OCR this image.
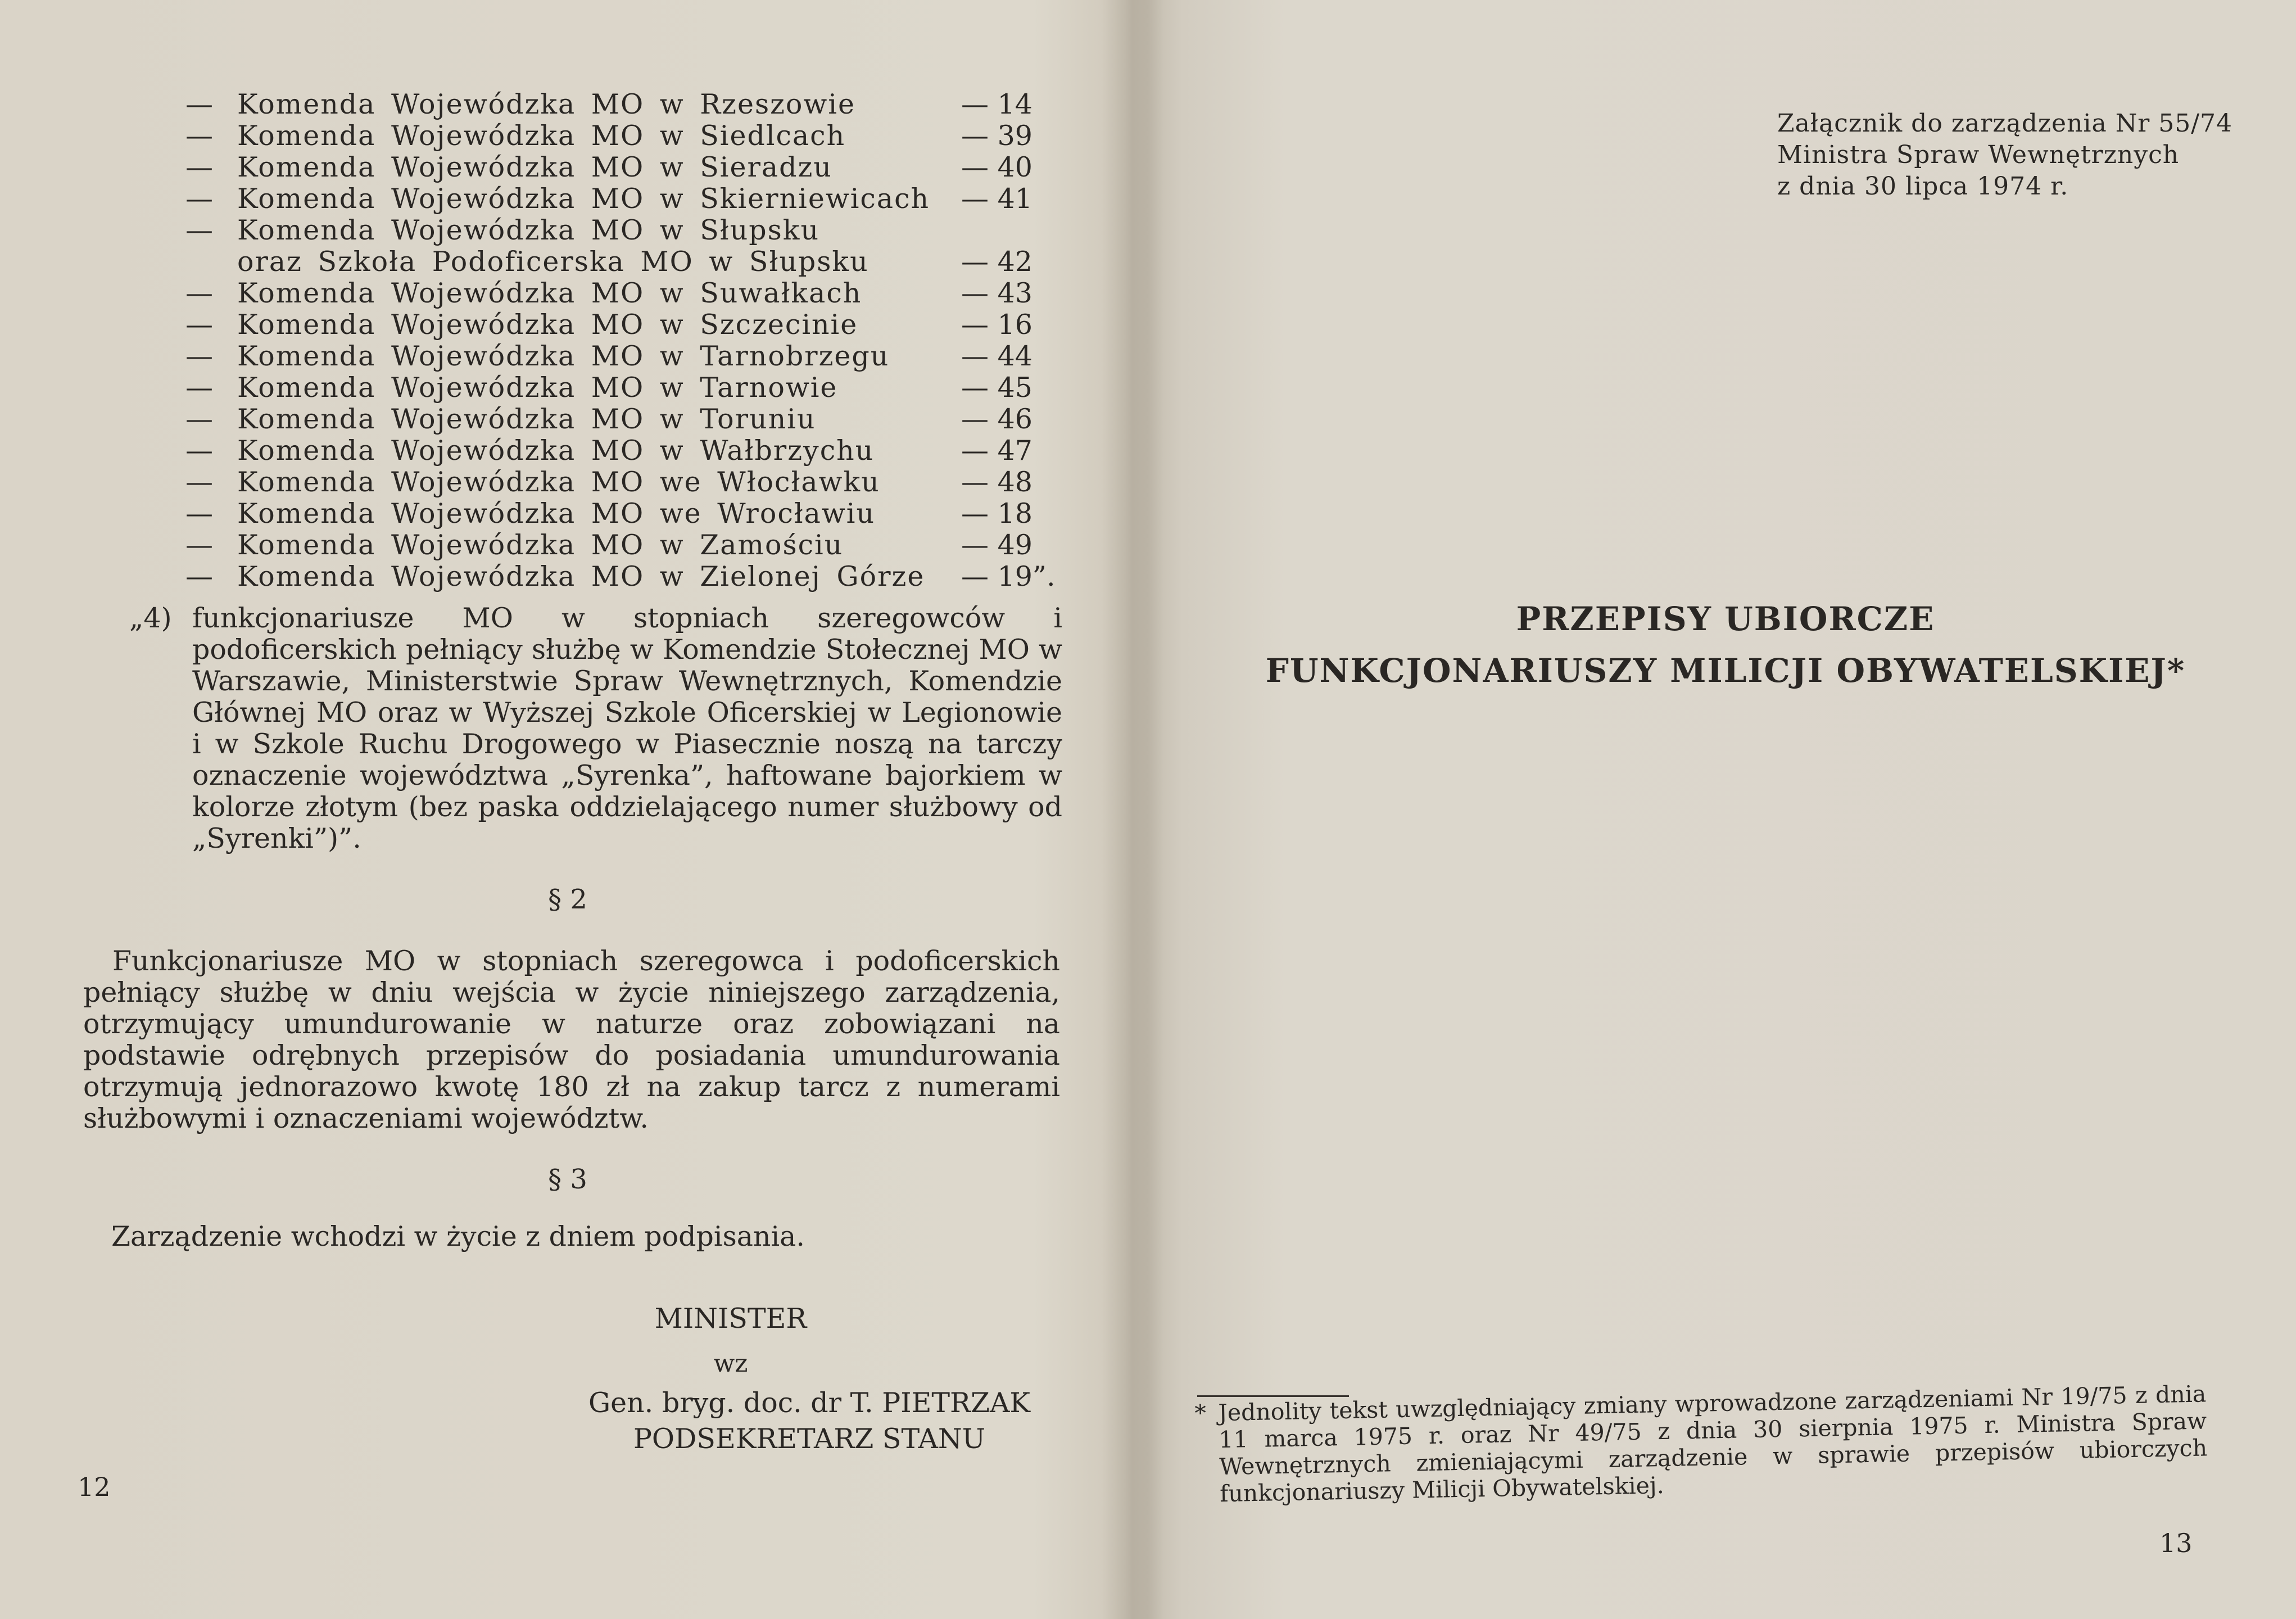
— Komenda Wojewódzka MO w Rzeszowie	— 14
— Komenda Wojewódzka MO w Siedlcach	— 39
— Komenda Wojewódzka MO w Sieradzu	— 40
— Komenda Wojewódzka MO w Skierniewicach — 41
— Komenda Wojewódzka MO w Słupsku
oraz Szkoła Podoficerska MO w Słupsku	— 42
— Komenda Wojewódzka MO w Suwałkach	— 43
— Komenda Wojewódzka MO w Szczecinie	— 16
— Komenda Wojewódzka MO w Tarnobrzegu	— 44
— Komenda Wojewódzka MO w Tarnowie	— 45
— Komenda Wojewódzka MO w Toruniu	— 46
— Komenda Wojewódzka MO w Wałbrzychu	— 47
— Komenda Wojewódzka MO we Włocławku	— 48
— Komenda Wojewódzka MO we Wrocławiu	— 18
— Komenda Wojewódzka MO w Zamościu	— 49
— Komenda Wojewódzka MO w Zielonej Górze — 19”.
„4) funkcjonariusze MO w stopniach szeregowców i podoficerskich pełniący służbę w Komendzie Stołecznej MO w Warszawie, Ministerstwie Spraw Wewnętrznych, Komendzie Głównej MO oraz w Wyższej Szkole Oficerskiej w Legionowie i w Szkole Ruchu Drogowego w Piasecznie noszą na tarczy oznaczenie województwa „Syrenka”, haftowane bajorkiem w kolorze złotym (bez paska oddzielającego numer służbowy od „Syrenki”)”.
§ 2
Funkcjonariusze MO w stopniach szeregowca i podoficerskich pełniący służbę w dniu wejścia w życie niniejszego zarządzenia, otrzymujący umundurowanie w naturze oraz zobowiązani na podstawie odrębnych przepisów do posiadania umundurowania otrzymują jednorazowo kwotę 180 zł na zakup tarcz z numerami służbowymi i oznaczeniami województw.
§ 3
Zarządzenie wchodzi w życie z dniem podpisania.
MINISTER
wz
Gen. bryg. doc. dr T. PIETRZAK
PODSEKRETARZ STANU
12
Załącznik do zarządzenia Nr 55/74
Ministra Spraw Wewnętrznych
z dnia 30 lipca 1974 r.
PRZEPISY UBIORCZE
FUNKCJONARIUSZY MILICJI OBYWATELSKIEJ*
* Jednolity tekst uwzględniający zmiany wprowadzone zarządzeniami Nr 19/75 z dnia 11 marca 1975 r. oraz Nr 49/75 z dnia 30 sierpnia 1975 r. Ministra Spraw Wewnętrznych zmieniającymi zarządzenie w sprawie przepisów ubiorczych funkcjonariuszy Milicji Obywatelskiej.
13
